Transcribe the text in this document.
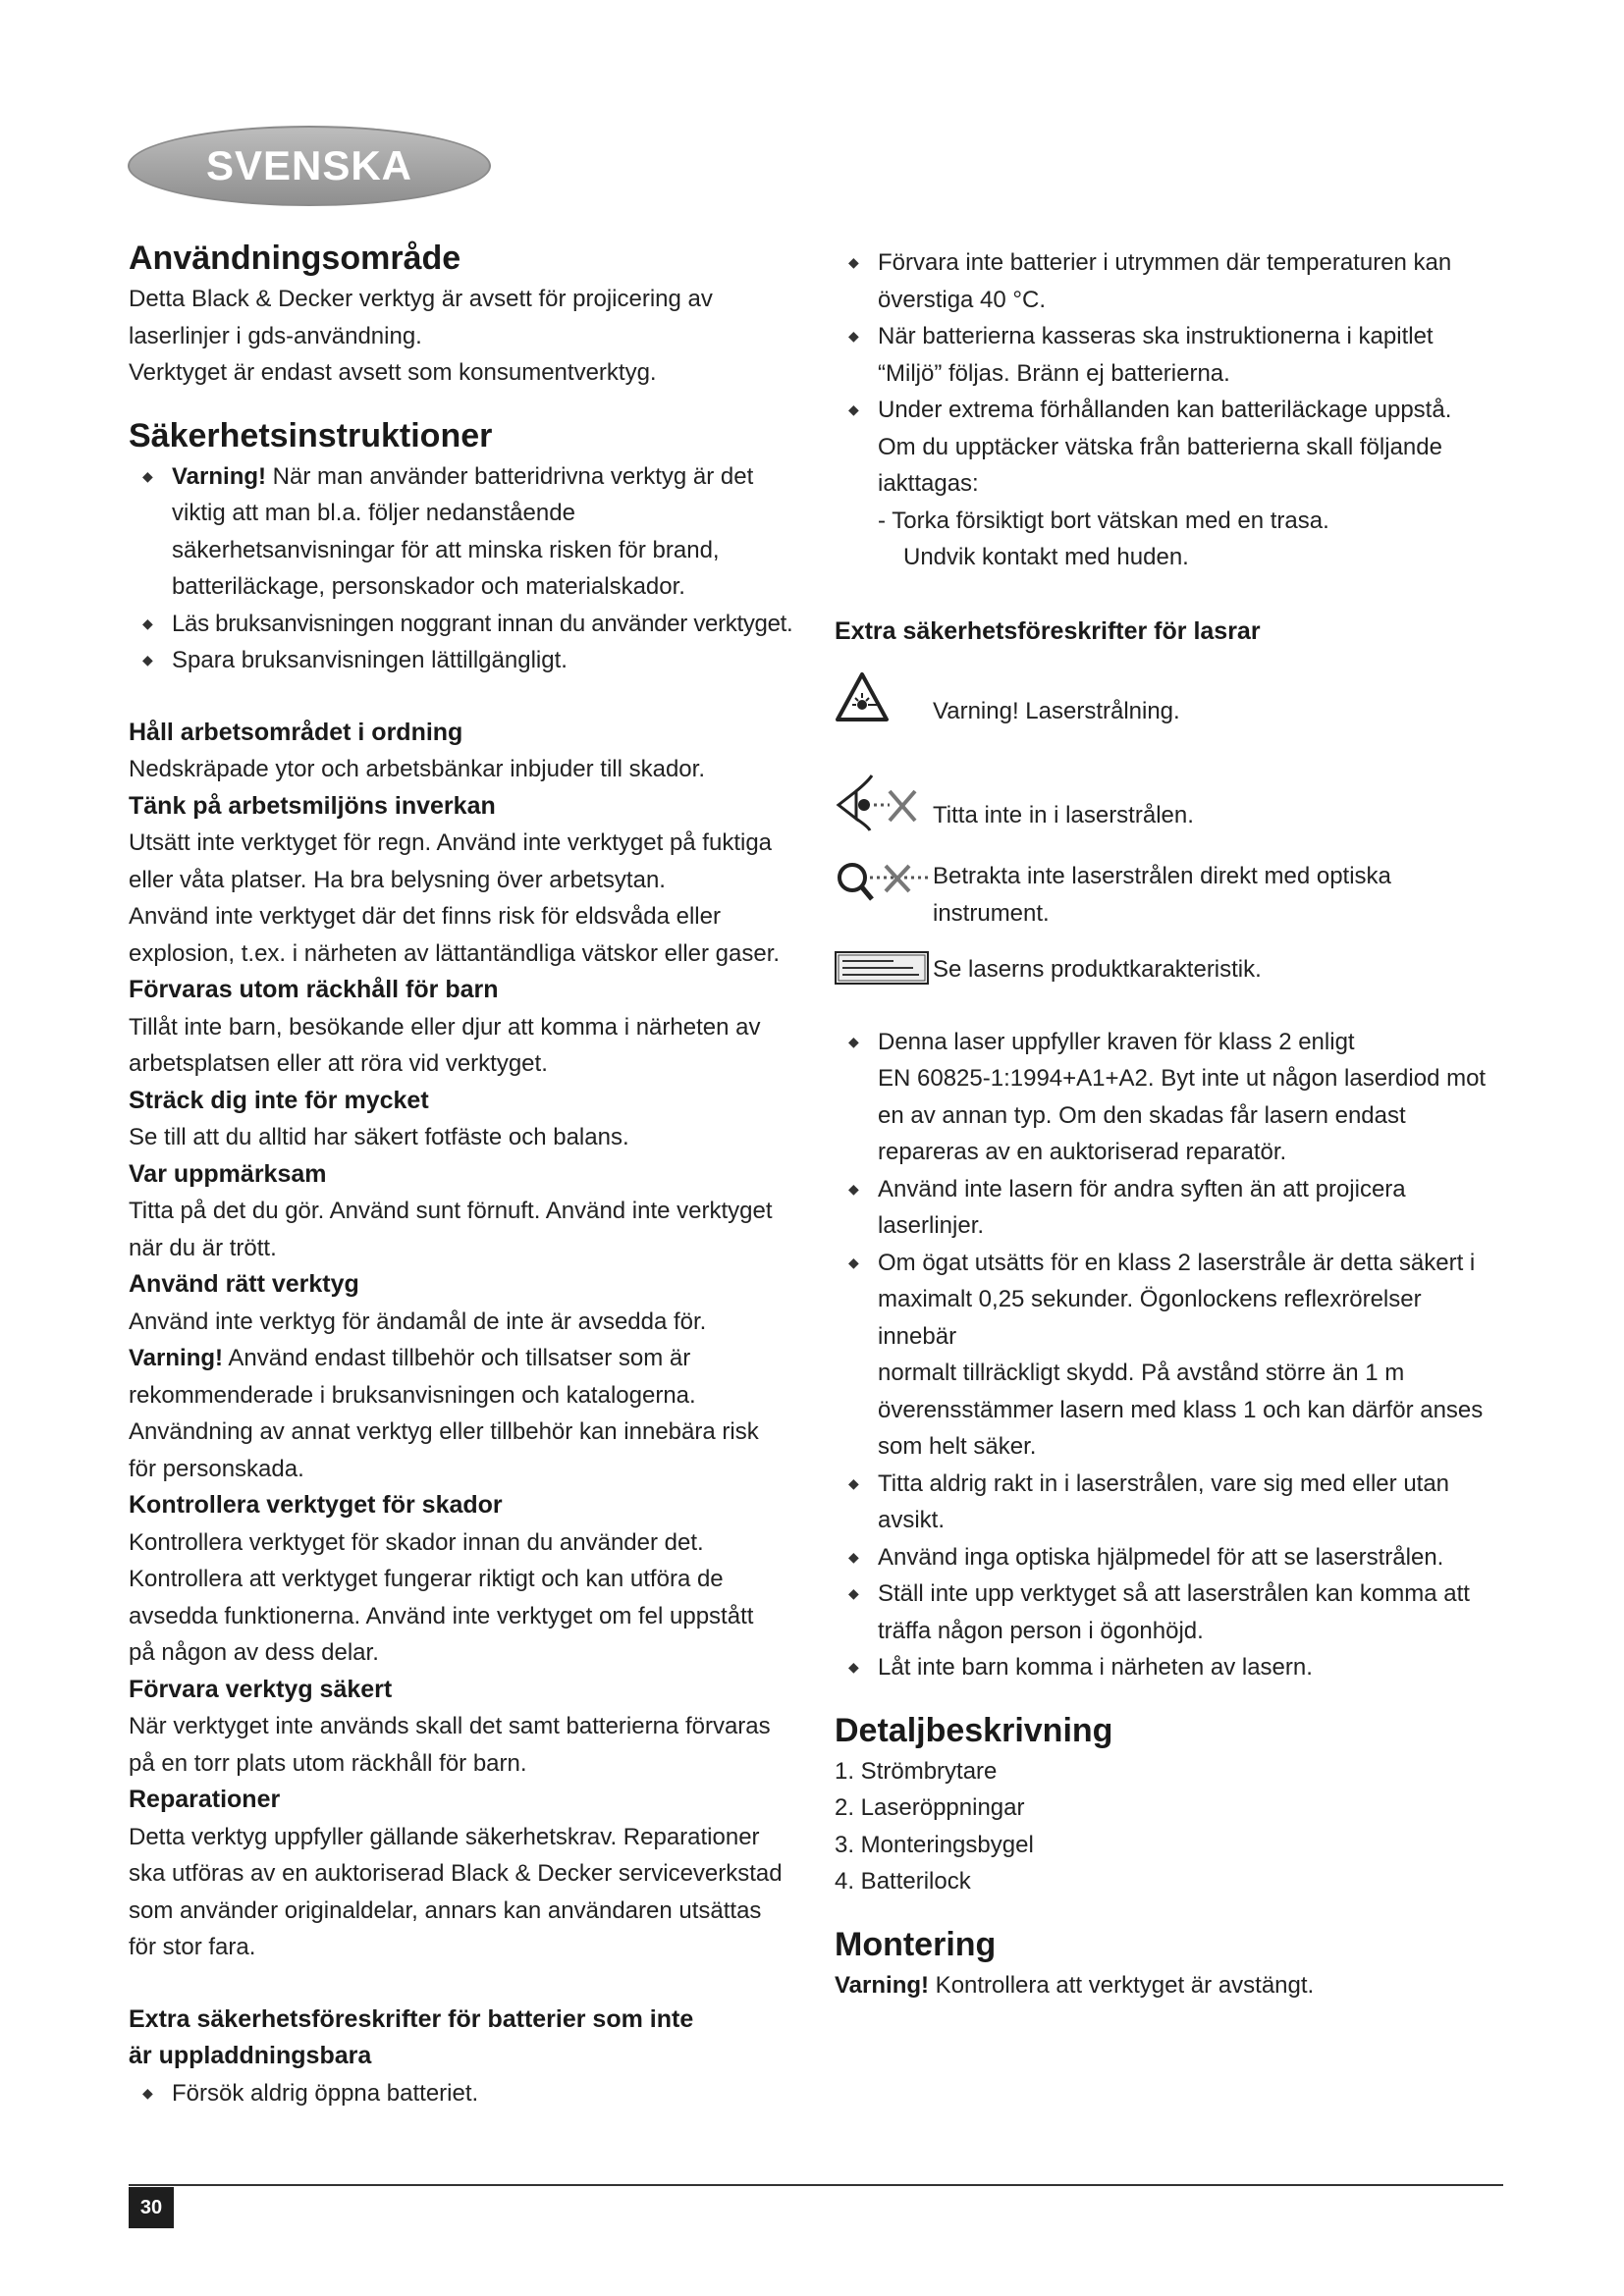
SVENSKA
Användningsområde

Detta Black & Decker verktyg är avsett för projicering av

laserlinjer i gds-användning.

Verktyget är endast avsett som konsumentverktyg.

Säkerhetsinstruktioner
◆ Varning! När man använder batteridrivna verktyg är det

viktig att man bl.a. följer nedanstående

säkerhetsanvisningar för att minska risken för brand,

batteriläckage, personskador och materialskador.

◆ Läs bruksanvisningen noggrant innan du använder verktyget.

◆ Spara bruksanvisningen lättillgängligt.

Håll arbetsområdet i ordning

Nedskräpade ytor och arbetsbänkar inbjuder till skador.

Tänk på arbetsmiljöns inverkan

Utsätt inte verktyget för regn. Använd inte verktyget på fuktiga

eller våta platser. Ha bra belysning över arbetsytan.

Använd inte verktyget där det finns risk för eldsvåda eller

explosion, t.ex. i närheten av lättantändliga vätskor eller gaser.

Förvaras utom räckhåll för barn

Tillåt inte barn, besökande eller djur att komma i närheten av

arbetsplatsen eller att röra vid verktyget.

Sträck dig inte för mycket

Se till att du alltid har säkert fotfäste och balans.

Var uppmärksam

Titta på det du gör. Använd sunt förnuft. Använd inte verktyget

när du är trött.

Använd rätt verktyg

Använd inte verktyg för ändamål de inte är avsedda för.

Varning! Använd endast tillbehör och tillsatser som är

rekommenderade i bruksanvisningen och katalogerna.

Användning av annat verktyg eller tillbehör kan innebära risk

för personskada.

Kontrollera verktyget för skador

Kontrollera verktyget för skador innan du använder det.

Kontrollera att verktyget fungerar riktigt och kan utföra de

avsedda funktionerna. Använd inte verktyget om fel uppstått

på någon av dess delar.

Förvara verktyg säkert

När verktyget inte används skall det samt batterierna förvaras

på en torr plats utom räckhåll för barn.

Reparationer

Detta verktyg uppfyller gällande säkerhetskrav. Reparationer

ska utföras av en auktoriserad Black & Decker serviceverkstad

som använder originaldelar, annars kan användaren utsättas

för stor fara.

Extra säkerhetsföreskrifter för batterier som inte
är uppladdningsbara

◆ Försök aldrig öppna batteriet.

◆ Förvara inte batterier i utrymmen där temperaturen kan

överstiga 40 °C.

◆ När batterierna kasseras ska instruktionerna i kapitlet

“Miljö” följas. Bränn ej batterierna.

◆ Under extrema förhållanden kan batteriläckage uppstå.

Om du upptäcker vätska från batterierna skall följande

iakttagas:

- Torka försiktigt bort vätskan med en trasa.

Undvik kontakt med huden.

Extra säkerhetsföreskrifter för lasrar

Varning! Laserstrålning.

Titta inte in i laserstrålen.

Betrakta inte laserstrålen direkt med optiska

instrument.

Se laserns produktkarakteristik.

◆ Denna laser uppfyller kraven för klass 2 enligt

EN 60825-1:1994+A1+A2. Byt inte ut någon laserdiod mot

en av annan typ. Om den skadas får lasern endast

repareras av en auktoriserad reparatör.

◆ Använd inte lasern för andra syften än att projicera

laserlinjer.

◆ Om ögat utsätts för en klass 2 laserstråle är detta säkert i

maximalt 0,25 sekunder. Ögonlockens reflexrörelser innebär

normalt tillräckligt skydd. På avstånd större än 1 m

överensstämmer lasern med klass 1 och kan därför anses

som helt säker.

◆ Titta aldrig rakt in i laserstrålen, vare sig med eller utan

avsikt.

◆ Använd inga optiska hjälpmedel för att se laserstrålen.

◆ Ställ inte upp verktyget så att laserstrålen kan komma att

träffa någon person i ögonhöjd.

◆ Låt inte barn komma i närheten av lasern.

Detaljbeskrivning

1. Strömbrytare

2. Laseröppningar

3. Monteringsbygel

4. Batterilock

Montering

Varning! Kontrollera att verktyget är avstängt.

30
